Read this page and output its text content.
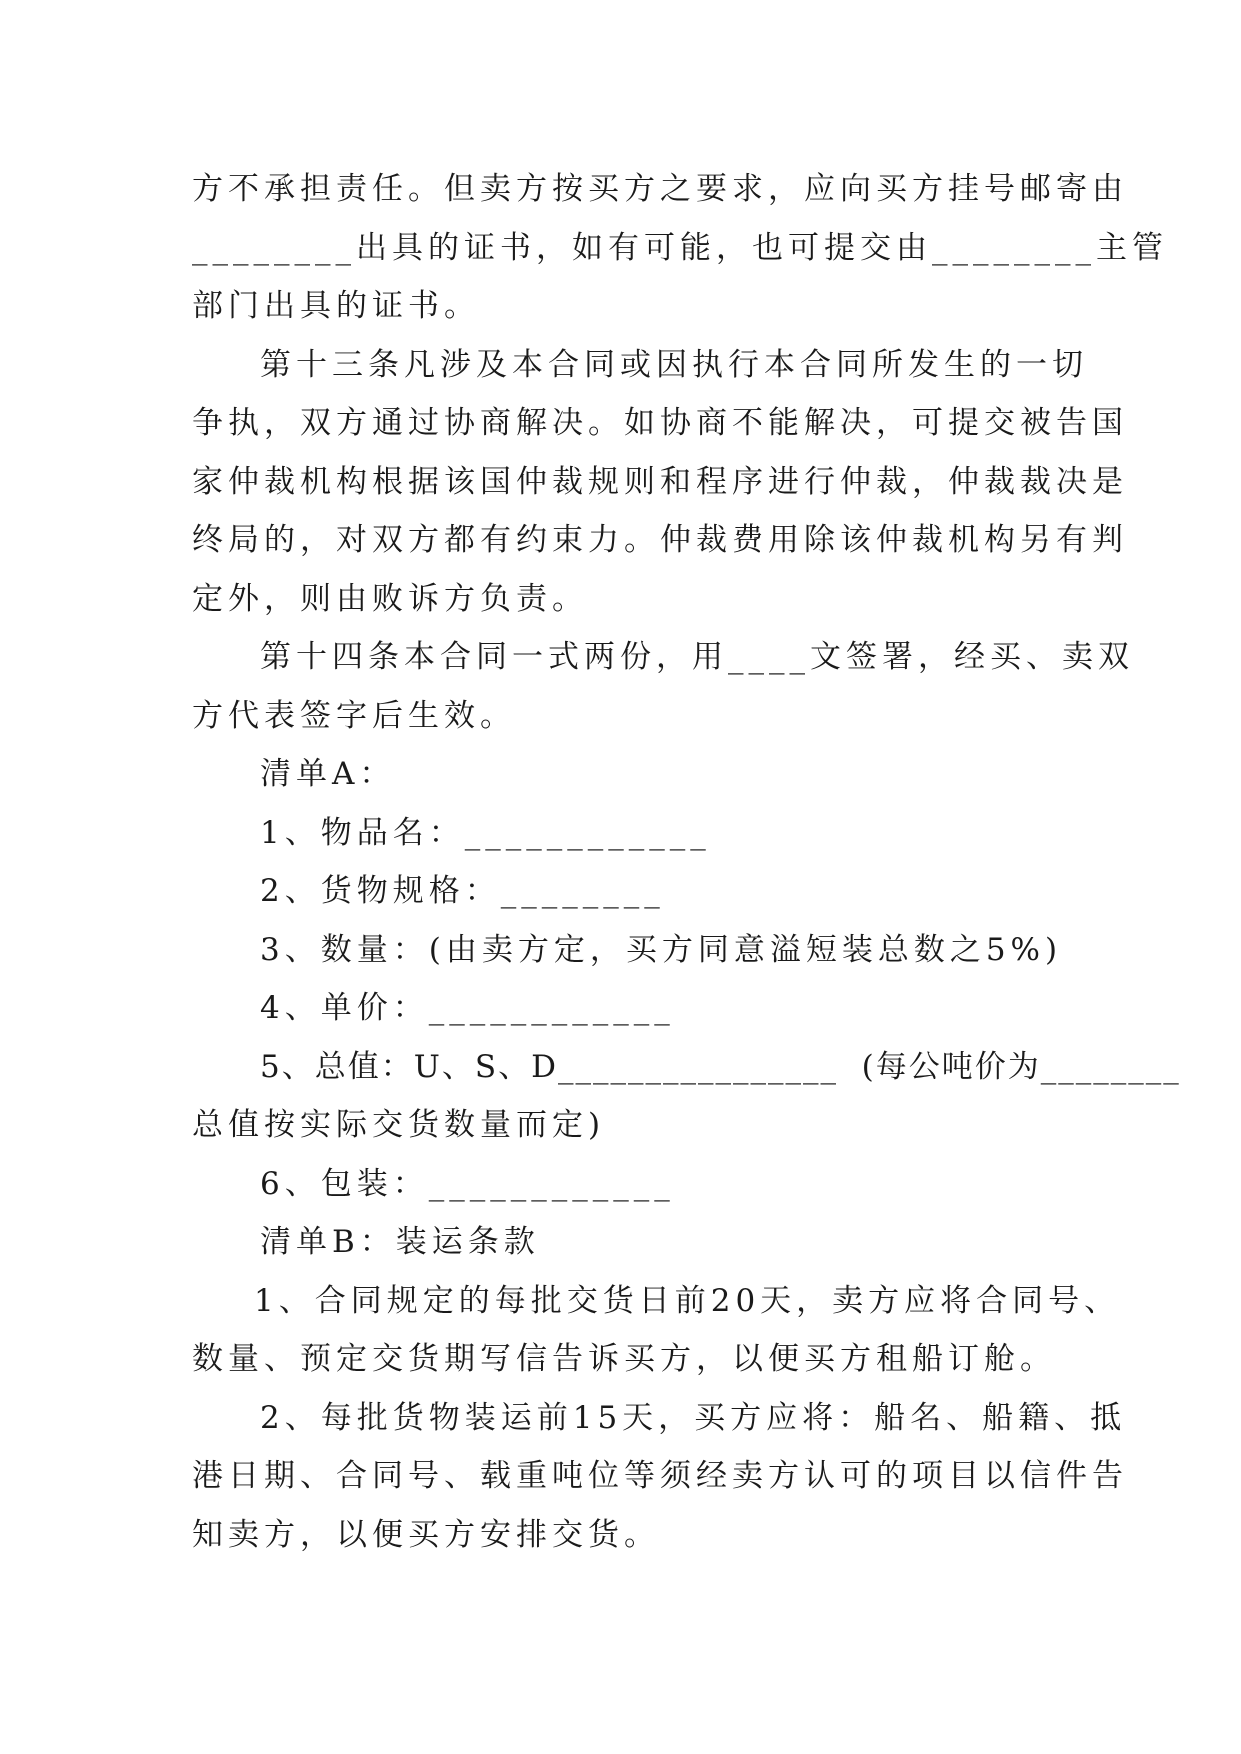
方不承担责任。但卖方按买方之要求，应向买方挂号邮寄由
________出具的证书，如有可能，也可提交由________主管
部门出具的证书。
第十三条凡涉及本合同或因执行本合同所发生的一切
争执，双方通过协商解决。如协商不能解决，可提交被告国
家仲裁机构根据该国仲裁规则和程序进行仲裁，仲裁裁决是
终局的，对双方都有约束力。仲裁费用除该仲裁机构另有判
定外，则由败诉方负责。
第十四条本合同一式两份，用____文签署，经买、卖双
方代表签字后生效。
清单A：
1、物品名：____________
2、货物规格：________
3、数量：(由卖方定，买方同意溢短装总数之5%)
4、单价：____________
5、总值：U、S、D________________  (每公吨价为________
总值按实际交货数量而定)
6、包装：____________
清单B：装运条款
1、合同规定的每批交货日前20天，卖方应将合同号、
数量、预定交货期写信告诉买方，以便买方租船订舱。
2、每批货物装运前15天，买方应将：船名、船籍、抵
港日期、合同号、载重吨位等须经卖方认可的项目以信件告
知卖方，以便买方安排交货。
